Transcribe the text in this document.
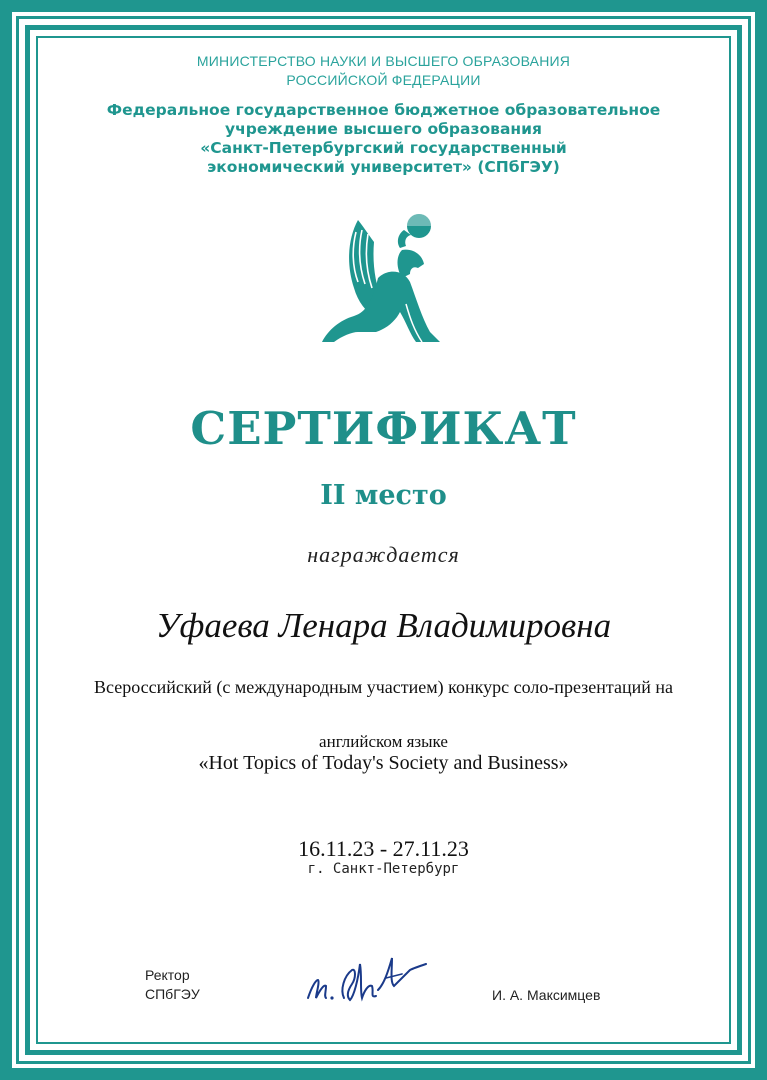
МИНИСТЕРСТВО НАУКИ И ВЫСШЕГО ОБРАЗОВАНИЯ
РОССИЙСКОЙ ФЕДЕРАЦИИ
Федеральное государственное бюджетное образовательное
учреждение высшего образования
«Санкт-Петербургский государственный
экономический университет» (СПбГЭУ)
СЕРТИФИКАТ
II место
награждается
Уфаева Ленара Владимировна
Всероссийский (с международным участием) конкурс соло-презентаций на
английском языке
«Hot Topics of Today's Society and Business»
16.11.23 - 27.11.23
г. Санкт-Петербург
Ректор
СПбГЭУ	И. А. Максимцев
